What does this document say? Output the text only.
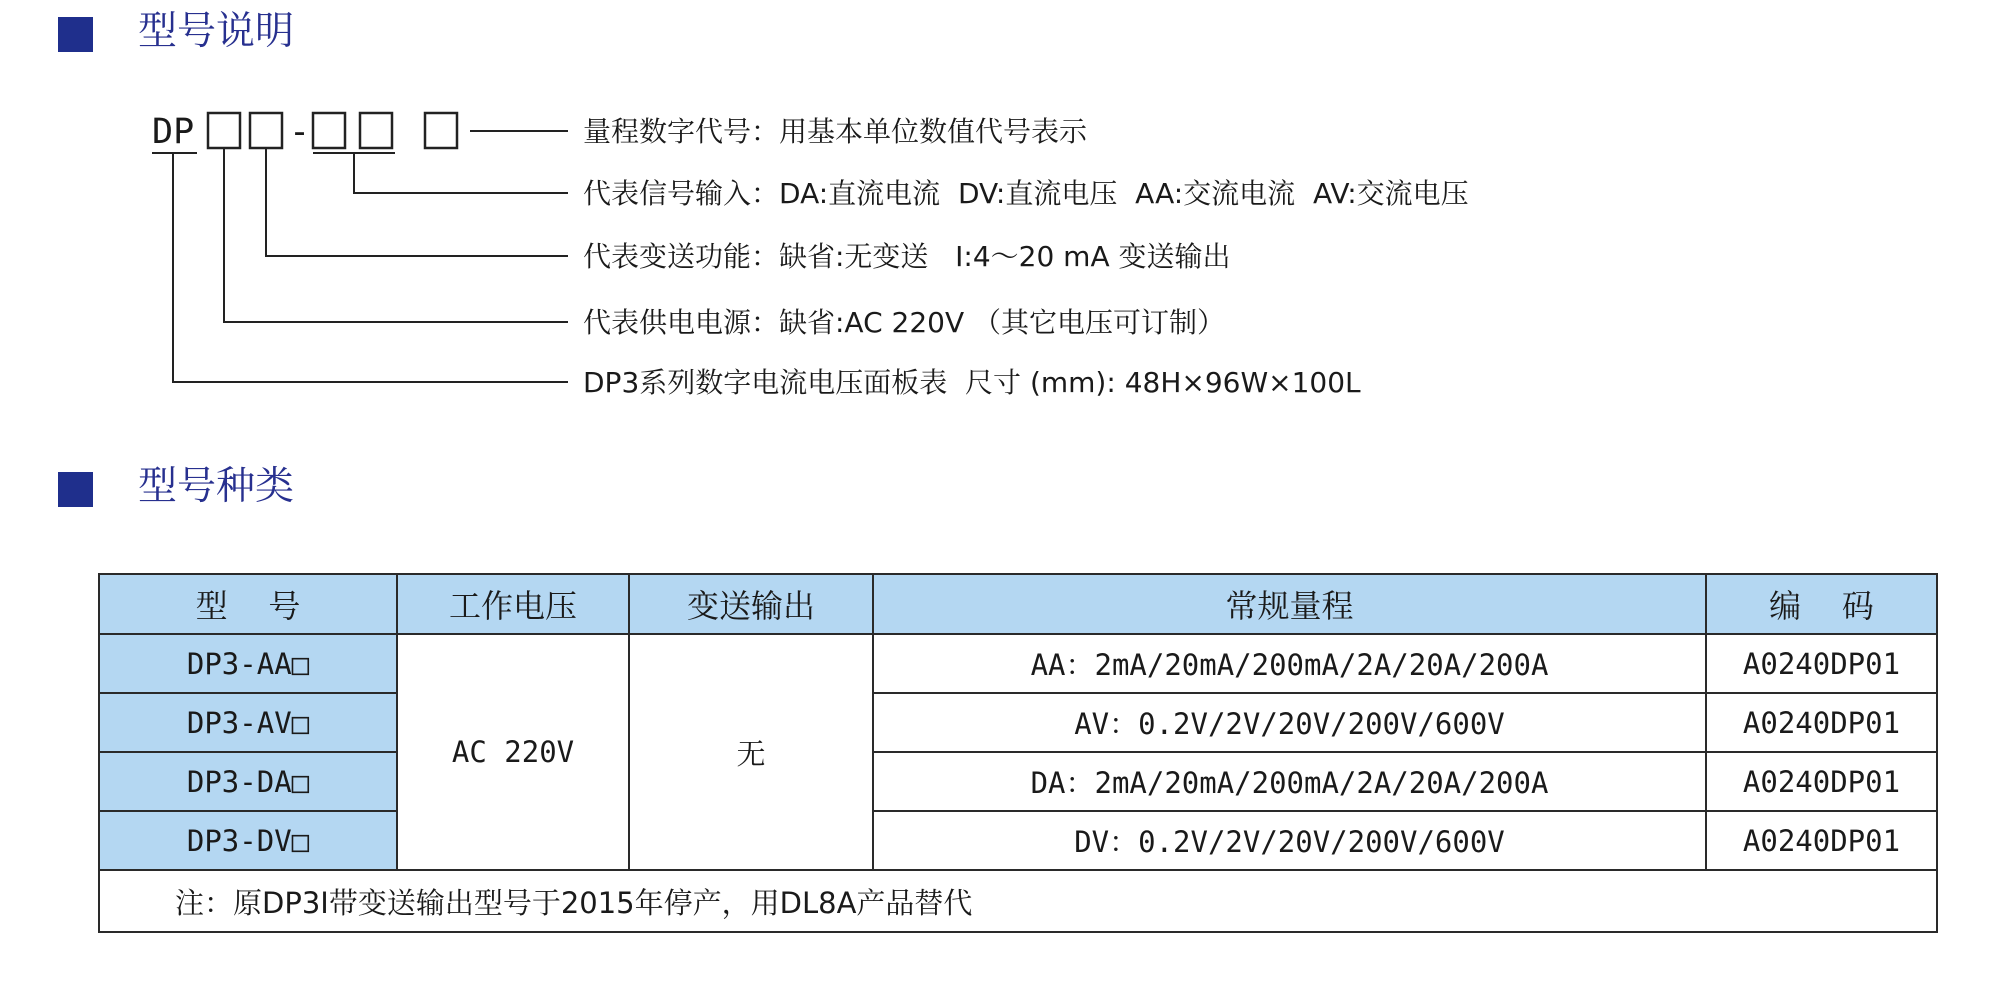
型号说明
DP	-	量程数字代号：用基本单位数值代号表示
代表信号输入：DA:直流电流  DV:直流电压  AA:交流电流  AV:交流电压
代表变送功能：缺省:无变送   I:4～20 mA 变送输出
代表供电电源：缺省:AC 220V （其它电压可订制）
DP3系列数字电流电压面板表  尺寸 (mm): 48H×96W×100L
型号种类
型    号	工作电压	变送输出	常规量程	编    码
DP3-AA□	AC 220V	无	AA：2mA/20mA/200mA/2A/20A/200A	A0240DP01
DP3-AV□			AV：0.2V/2V/20V/200V/600V	A0240DP01
DP3-DA□			DA：2mA/20mA/200mA/2A/20A/200A	A0240DP01
DP3-DV□			DV：0.2V/2V/20V/200V/600V	A0240DP01
注：原DP3I带变送输出型号于2015年停产，用DL8A产品替代				
